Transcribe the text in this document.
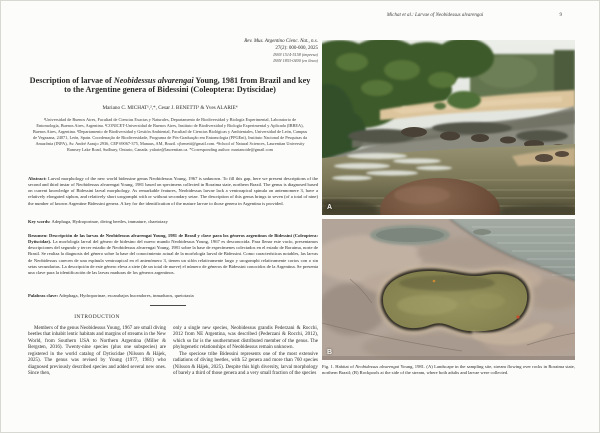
Michat et al.: Larvae of Neobidessus alvarengai	9
Rev. Mus. Argentino Cienc. Nat., n.s.
27(2): 000-000, 2025
ISSN 1514-5158 (impresa)
ISSN 1853-0400 (en línea)
Description of larvae of Neobidessus alvarengai Young, 1981 from Brazil and key to the Argentine genera of Bidessini (Coleoptera: Dytiscidae)
Mariano C. MICHAT¹,²,*, Cesar J. BENETTI³ & Yves ALARIE⁴
¹Universidad de Buenos Aires, Facultad de Ciencias Exactas y Naturales, Departamento de Biodiversidad y Biología Experimental, Laboratorio de Entomología, Buenos Aires, Argentina. ²CONICET-Universidad de Buenos Aires, Instituto de Biodiversidad y Biología Experimental y Aplicada (IBBEA), Buenos Aires, Argentina. ³Departamento de Biodiversidad y Gestión Ambiental, Facultad de Ciencias Biológicas y Ambientales, Universidad de León, Campus de Vegazana, 24071, León, Spain. Coordenação de Biodiversidade, Programa de Pós-Graduação em Entomologia (PPGEnt), Instituto Nacional de Pesquisas da Amazônia (INPA), Av. André Araujo 2936, CEP 69067-375, Manaus, AM, Brazil. cjbenetti@gmail.com. ⁴School of Natural Sciences, Laurentian University Ramsey Lake Road, Sudbury, Ontario, Canada. yalarie@laurentian.ca. *Corresponding author: marianoide@gmail.com

Abstract: Larval morphology of the new world bidessine genus Neobidessus Young, 1967 is unknown. To fill this gap, here we present descriptions of the second and third instar of Neobidessus alvarengai Young, 1981 based on specimens collected in Roraima state, northern Brazil. The genus is diagnosed based on current knowledge of Bidessini larval morphology. As remarkable features, Neobidessus larvae lack a ventroapical spinula on antennomere 3, have a relatively elongated siphon, and relatively short urogomphi with or without secondary setae. The description of this genus brings to seven (of a total of nine) the number of known Argentine Bidessini genera. A key for the identification of the mature larvae to those genera in Argentina is provided.

Key words: Adephaga, Hydroporinae, diving beetles, immature, chaetotaxy

Resumen: Descripción de las larvas de Neobidessus alvarengai Young, 1981 de Brasil y clave para los géneros argentinos de Bidessini (Coleoptera: Dytiscidae). La morfología larval del género de bidesino del nuevo mundo Neobidessus Young, 1967 es desconocida. Para llenar este vacío, presentamos descripciones del segundo y tercer estadio de Neobidessus alvarengai Young, 1981 sobre la base de especímenes colectados en el estado de Roraima, norte de Brasil. Se realiza la diagnosis del género sobre la base del conocimiento actual de la morfología larval de Bidessini. Como características notables, las larvas de Neobidessus carecen de una espínula ventroapical en el antenómero 3, tienen un sifón relativamente largo y urogomphi relativamente cortos con o sin setas secundarias. La descripción de este género eleva a siete (de un total de nueve) el número de géneros de Bidessini conocidos de la Argentina. Se presenta una clave para la identificación de las larvas maduras de los géneros argentinos.

Palabras clave: Adephaga, Hydroporinae, escarabajos buceadores, inmaduros, quetotaxia

INTRODUCTION

Members of the genus Neobidessus Young, 1967 are small diving beetles that inhabit lentic habitats and margins of streams in the New World, from Southern USA to Northern Argentina (Miller & Bergsten, 2016). Twenty-nine species (plus one subspecies) are registered in the world catalog of Dytiscidae (Nilsson & Hájek, 2025). The genus was revised by Young (1977, 1981) who diagnosed previously described species and added several new ones. Since then,

only a single new species, Neobidessus grandis Pederzani & Rocchi, 2012 from NE Argentina, was described (Pederzani & Rocchi, 2012), which so far is the southernmost distributed member of the genus. The phylogenetic relationships of Neobidessus remain unknown.

The speciose tribe Bidessini represents one of the most extensive radiations of diving beetles, with 52 genera and more than 760 species (Nilsson & Hájek, 2025). Despite this high diversity, larval morphology of barely a third of those genera and a very small fraction of the species

A
B

Fig. 1. Habitat of Neobidessus alvarengai Young, 1981. (A) Landscape in the sampling site, stream flowing over rocks in Roraima state, northern Brazil; (B) Rockpools at the side of the stream, where both adults and larvae were collected.
